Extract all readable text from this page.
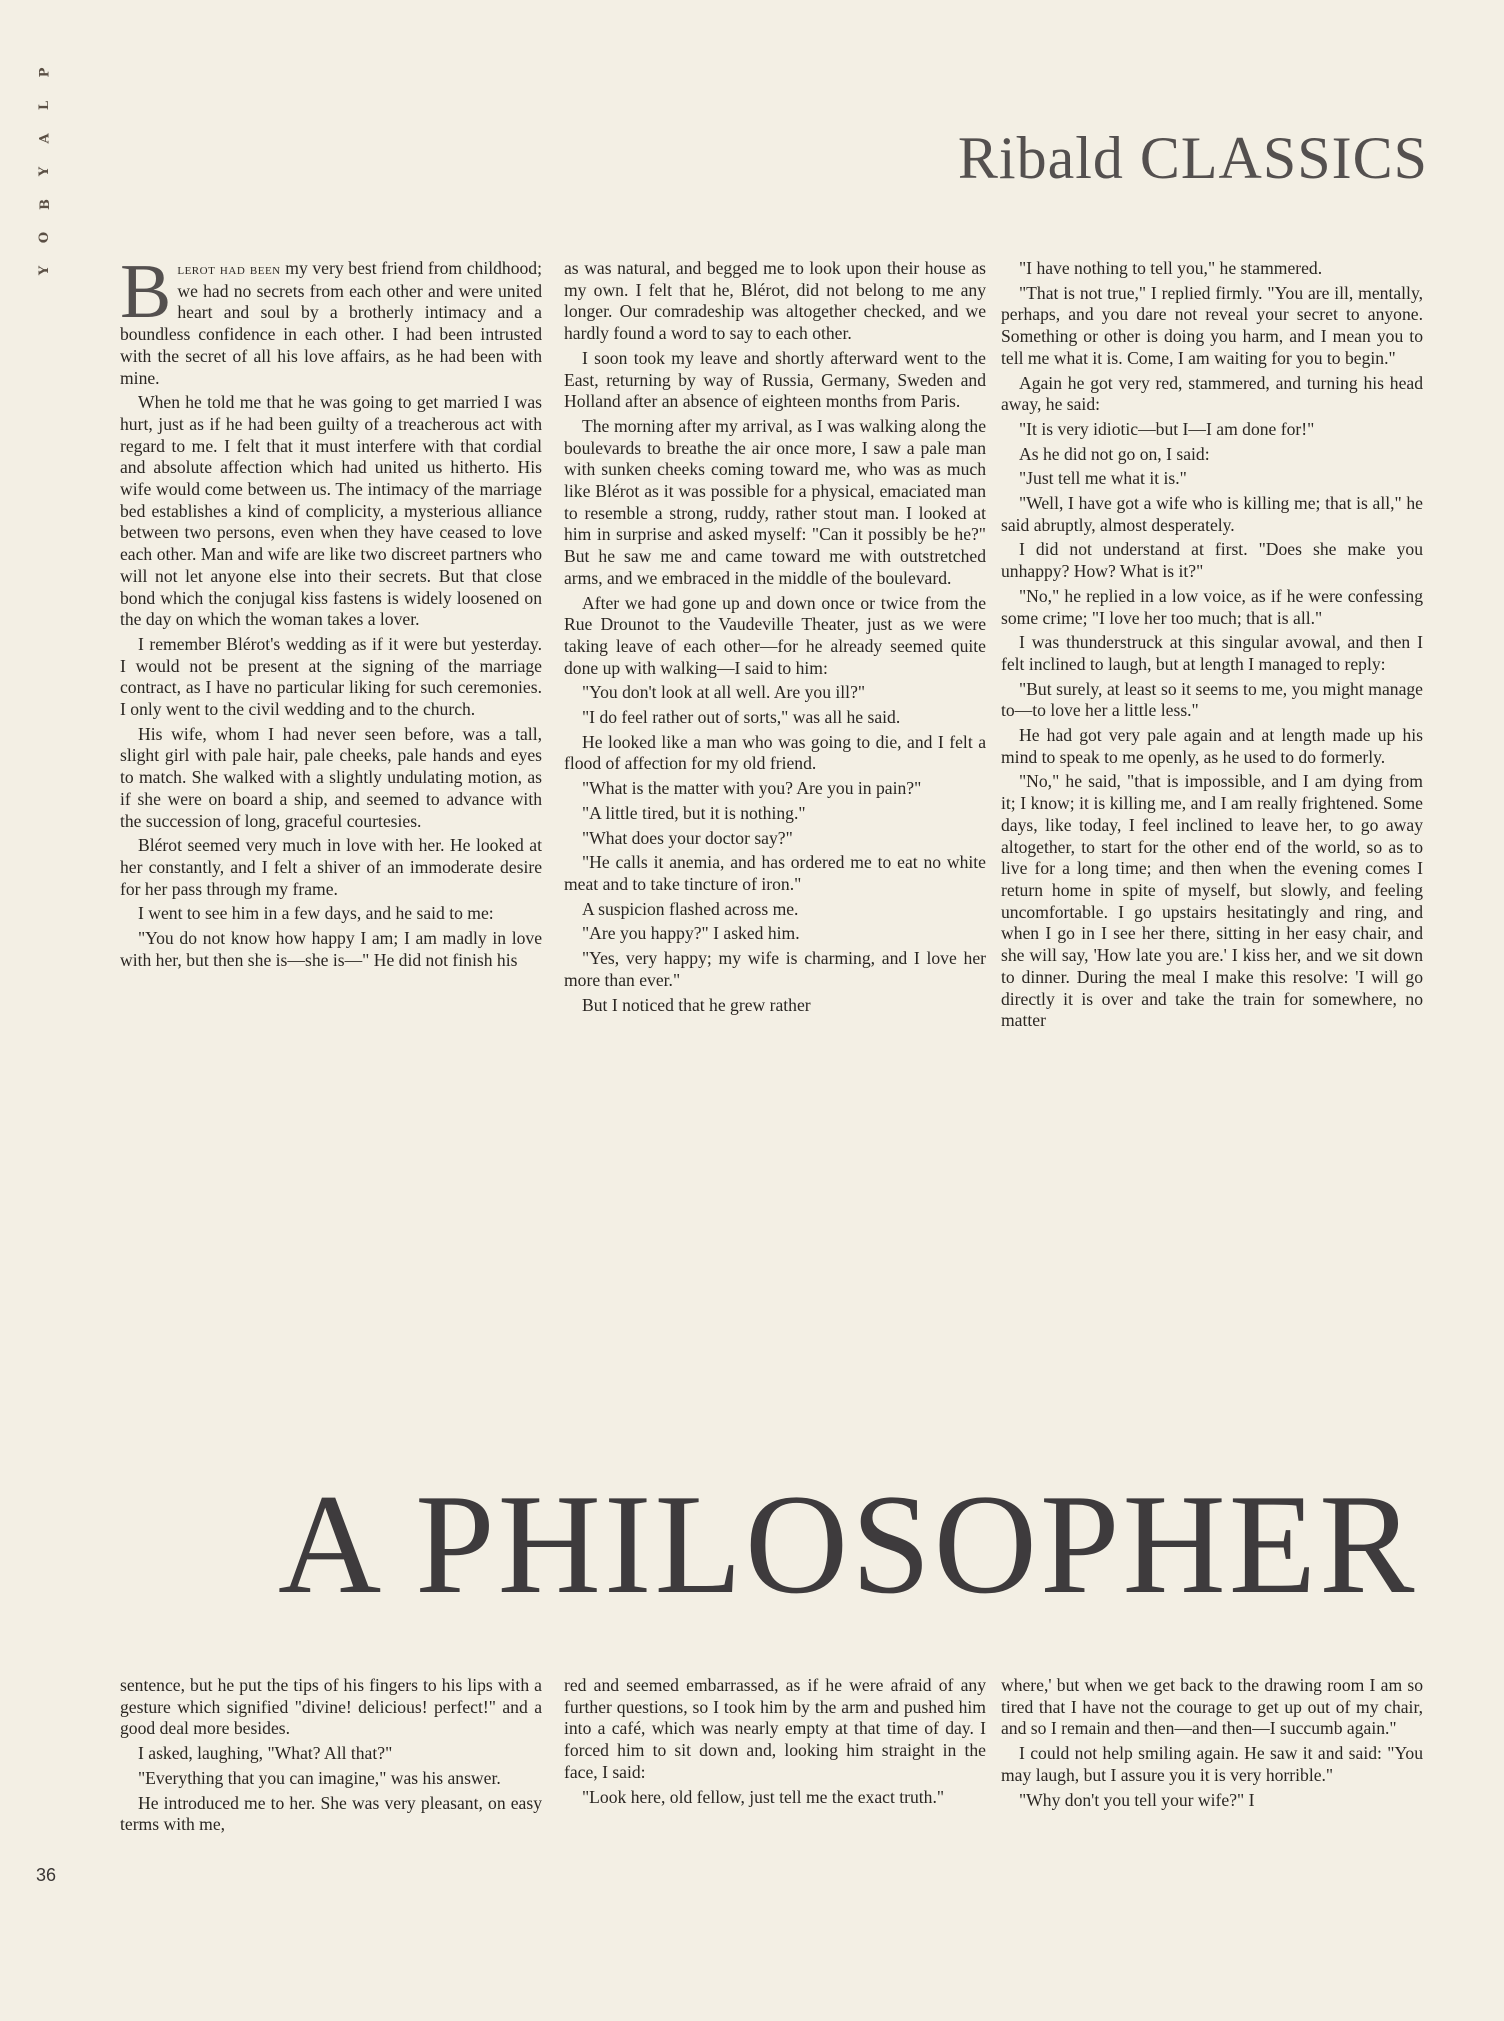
P
L
A
Y
B
O
Y
Ribald CLASSICS

Blerot had been my very best friend from childhood; we had no secrets from each other and were united heart and soul by a brotherly intimacy and a boundless confidence in each other. I had been intrusted with the secret of all his love affairs, as he had been with mine.

When he told me that he was going to get married I was hurt, just as if he had been guilty of a treacherous act with regard to me. I felt that it must interfere with that cordial and absolute affection which had united us hitherto. His wife would come between us. The intimacy of the marriage bed establishes a kind of complicity, a mysterious alliance between two persons, even when they have ceased to love each other. Man and wife are like two discreet partners who will not let anyone else into their secrets. But that close bond which the conjugal kiss fastens is widely loosened on the day on which the woman takes a lover.

I remember Blérot's wedding as if it were but yesterday. I would not be present at the signing of the marriage contract, as I have no particular liking for such ceremonies. I only went to the civil wedding and to the church.

His wife, whom I had never seen before, was a tall, slight girl with pale hair, pale cheeks, pale hands and eyes to match. She walked with a slightly undulating motion, as if she were on board a ship, and seemed to advance with the succession of long, graceful courtesies.

Blérot seemed very much in love with her. He looked at her constantly, and I felt a shiver of an immoderate desire for her pass through my frame.

I went to see him in a few days, and he said to me:

"You do not know how happy I am; I am madly in love with her, but then she is—she is—" He did not finish his

as was natural, and begged me to look upon their house as my own. I felt that he, Blérot, did not belong to me any longer. Our comradeship was altogether checked, and we hardly found a word to say to each other.

I soon took my leave and shortly afterward went to the East, returning by way of Russia, Germany, Sweden and Holland after an absence of eighteen months from Paris.

The morning after my arrival, as I was walking along the boulevards to breathe the air once more, I saw a pale man with sunken cheeks coming toward me, who was as much like Blérot as it was possible for a physical, emaciated man to resemble a strong, ruddy, rather stout man. I looked at him in surprise and asked myself: "Can it possibly be he?" But he saw me and came toward me with outstretched arms, and we embraced in the middle of the boulevard.

After we had gone up and down once or twice from the Rue Drounot to the Vaudeville Theater, just as we were taking leave of each other—for he already seemed quite done up with walking—I said to him:

"You don't look at all well. Are you ill?"

"I do feel rather out of sorts," was all he said.

He looked like a man who was going to die, and I felt a flood of affection for my old friend.

"What is the matter with you? Are you in pain?"

"A little tired, but it is nothing."

"What does your doctor say?"

"He calls it anemia, and has ordered me to eat no white meat and to take tincture of iron."

A suspicion flashed across me.

"Are you happy?" I asked him.

"Yes, very happy; my wife is charming, and I love her more than ever."

But I noticed that he grew rather

"I have nothing to tell you," he stammered.

"That is not true," I replied firmly. "You are ill, mentally, perhaps, and you dare not reveal your secret to anyone. Something or other is doing you harm, and I mean you to tell me what it is. Come, I am waiting for you to begin."

Again he got very red, stammered, and turning his head away, he said:

"It is very idiotic—but I—I am done for!"

As he did not go on, I said:

"Just tell me what it is."

"Well, I have got a wife who is killing me; that is all," he said abruptly, almost desperately.

I did not understand at first. "Does she make you unhappy? How? What is it?"

"No," he replied in a low voice, as if he were confessing some crime; "I love her too much; that is all."

I was thunderstruck at this singular avowal, and then I felt inclined to laugh, but at length I managed to reply:

"But surely, at least so it seems to me, you might manage to—to love her a little less."

He had got very pale again and at length made up his mind to speak to me openly, as he used to do formerly.

"No," he said, "that is impossible, and I am dying from it; I know; it is killing me, and I am really frightened. Some days, like today, I feel inclined to leave her, to go away altogether, to start for the other end of the world, so as to live for a long time; and then when the evening comes I return home in spite of myself, but slowly, and feeling uncomfortable. I go upstairs hesitatingly and ring, and when I go in I see her there, sitting in her easy chair, and she will say, 'How late you are.' I kiss her, and we sit down to dinner. During the meal I make this resolve: 'I will go directly it is over and take the train for somewhere, no matter

A PHILOSOPHER

sentence, but he put the tips of his fingers to his lips with a gesture which signified "divine! delicious! perfect!" and a good deal more besides.

I asked, laughing, "What? All that?"

"Everything that you can imagine," was his answer.

He introduced me to her. She was very pleasant, on easy terms with me,

red and seemed embarrassed, as if he were afraid of any further questions, so I took him by the arm and pushed him into a café, which was nearly empty at that time of day. I forced him to sit down and, looking him straight in the face, I said:

"Look here, old fellow, just tell me the exact truth."

where,' but when we get back to the drawing room I am so tired that I have not the courage to get up out of my chair, and so I remain and then—and then—I succumb again."

I could not help smiling again. He saw it and said: "You may laugh, but I assure you it is very horrible."

"Why don't you tell your wife?" I

36
